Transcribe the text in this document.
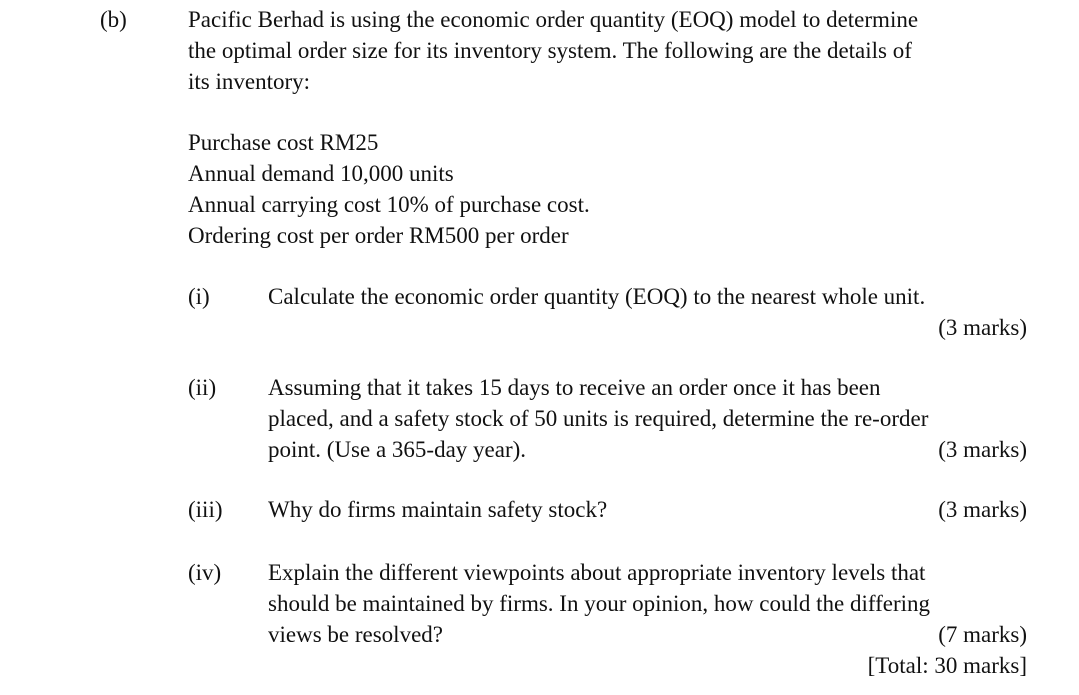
(b)	Pacific Berhad is using the economic order quantity (EOQ) model to determine
the optimal order size for its inventory system. The following are the details of
its inventory:
Purchase cost RM25
Annual demand 10,000 units
Annual carrying cost 10% of purchase cost.
Ordering cost per order RM500 per order
(i)	Calculate the economic order quantity (EOQ) to the nearest whole unit.
(3 marks)
(ii) Assuming that it takes 15 days to receive an order once it has been
placed, and a safety stock of 50 units is required, determine the re-order
point. (Use a 365-day year).	(3 marks)
(iii) Why do firms maintain safety stock?	(3 marks)
(iv) Explain the different viewpoints about appropriate inventory levels that
should be maintained by firms. In your opinion, how could the differing
views be resolved?	(7 marks)
[Total: 30 marks]
